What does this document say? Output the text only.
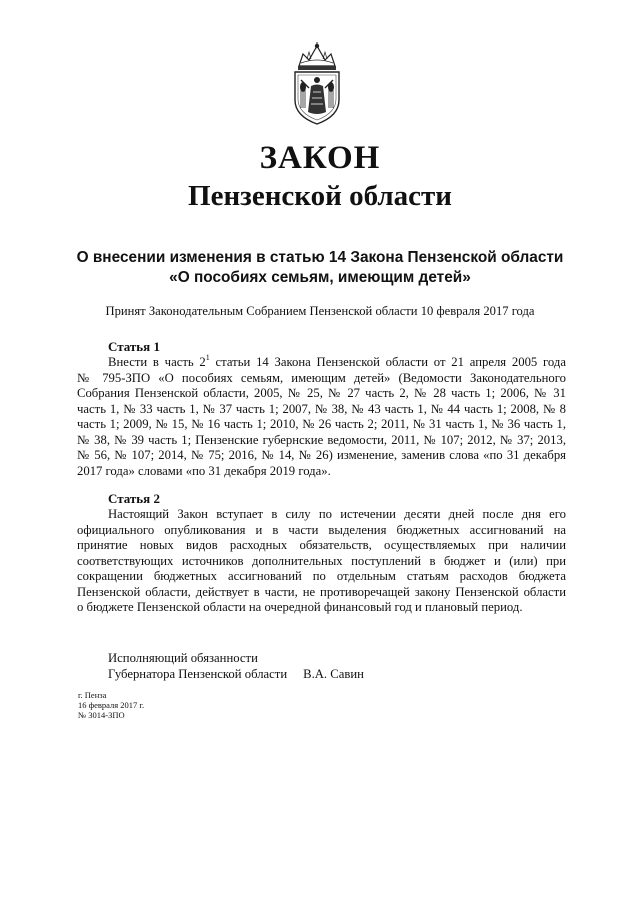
ЗАКОН
Пензенской области
О внесении изменения в статью 14 Закона Пензенской области
«О пособиях семьям, имеющим детей»
Принят Законодательным Собранием Пензенской области 10 февраля 2017 года
Статья 1
Внести в часть $2^1$ статьи 14 Закона Пензенской области от 21 апреля 2005 года
№ 795-ЗПО «О пособиях семьям, имеющим детей» (Ведомости Законодательного
Собрания Пензенской области, 2005, № 25, № 27 часть 2, № 28 часть 1; 2006, № 31
часть 1, № 33 часть 1, № 37 часть 1; 2007, № 38, № 43 часть 1, № 44 часть 1; 2008, № 8
часть 1; 2009, № 15, № 16 часть 1; 2010, № 26 часть 2; 2011, № 31 часть 1, № 36 часть 1,
№ 38, № 39 часть 1; Пензенские губернские ведомости, 2011, № 107; 2012, № 37; 2013,
№ 56, № 107; 2014, № 75; 2016, № 14, № 26) изменение, заменив слова «по 31 декабря
2017 года» словами «по 31 декабря 2019 года».
Статья 2
Настоящий Закон вступает в силу по истечении десяти дней после дня его
официального опубликования и в части выделения бюджетных ассигнований на
принятие новых видов расходных обязательств, осуществляемых при наличии
соответствующих источников дополнительных поступлений в бюджет и (или) при
сокращении бюджетных ассигнований по отдельным статьям расходов бюджета
Пензенской области, действует в части, не противоречащей закону Пензенской области
о бюджете Пензенской области на очередной финансовый год и плановый период.
Исполняющий обязанности
Губернатора Пензенской области В.А. Савин
г. Пенза
16 февраля 2017 г.
№ 3014-ЗПО
